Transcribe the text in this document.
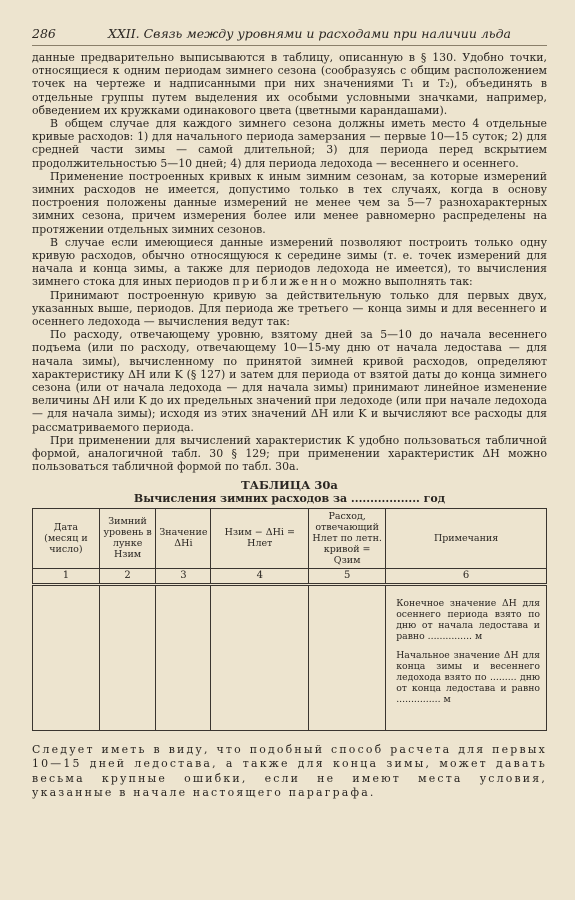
286	XXII. Связь между уровнями и расходами при наличии льда

данные предварительно выписываются в таблицу, описанную в § 130. Удобно точки, относящиеся к одним периодам зимнего сезона (сообразуясь с общим расположением точек на чертеже и надписанными при них значениями T₁ и T₂), объединять в отдельные группы путем выделения их особыми условными значками, например, обведением их кружками одинакового цвета (цветными карандашами).

В общем случае для каждого зимнего сезона должны иметь место 4 отдельные кривые расходов: 1) для начального периода замерзания — первые 10—15 суток; 2) для средней части зимы — самой длительной; 3) для периода перед вскрытием продолжительностью 5—10 дней; 4) для периода ледохода — весеннего и осеннего.

Применение построенных кривых к иным зимним сезонам, за которые измерений зимних расходов не имеется, допустимо только в тех случаях, когда в основу построения положены данные измерений не менее чем за 5—7 разнохарактерных зимних сезона, причем измерения более или менее равномерно распределены на протяжении отдельных зимних сезонов.

В случае если имеющиеся данные измерений позволяют построить только одну кривую расходов, обычно относящуюся к середине зимы (т. е. точек измерений для начала и конца зимы, а также для периодов ледохода не имеется), то вычисления зимнего стока для иных периодов приближенно можно выполнять так:

Принимают построенную кривую за действительную только для первых двух, указанных выше, периодов. Для периода же третьего — конца зимы и для весеннего и осеннего ледохода — вычисления ведут так:

По расходу, отвечающему уровню, взятому дней за 5—10 до начала весеннего подъема (или по расходу, отвечающему 10—15-му дню от начала ледостава — для начала зимы), вычисленному по принятой зимней кривой расходов, определяют характеристику ΔH или K (§ 127) и затем для периода от взятой даты до конца зимнего сезона (или от начала ледохода — для начала зимы) принимают линейное изменение величины ΔH или K до их предельных значений при ледоходе (или при начале ледохода — для начала зимы); исходя из этих значений ΔH или K и вычисляют все расходы для рассматриваемого периода.

При применении для вычислений характеристик K удобно пользоваться табличной формой, аналогичной табл. 30 § 129; при применении характеристик ΔH можно пользоваться табличной формой по табл. 30а.

ТАБЛИЦА 30а
Вычисления зимних расходов за .................. год
Дата (месяц и число)	Зимний уровень в лунке Hзим	Значение ΔHi	Hзим − ΔHi = Hлет	Расход, отвечающий Hлет по летн. кривой = Qзим	Примечания
1	2	3	4	5	6

					Конечное значение ΔH для осеннего периода взято по дню от начала ледостава и равно ............... м
Начальное значение ΔH для конца зимы и весеннего ледохода взято по ......... дню от конца ледостава и равно ............... м
Следует иметь в виду, что подобный способ расчета для первых 10—15 дней ледостава, а также для конца зимы, может давать весьма крупные ошибки, если не имеют места условия, указанные в начале настоящего параграфа.
